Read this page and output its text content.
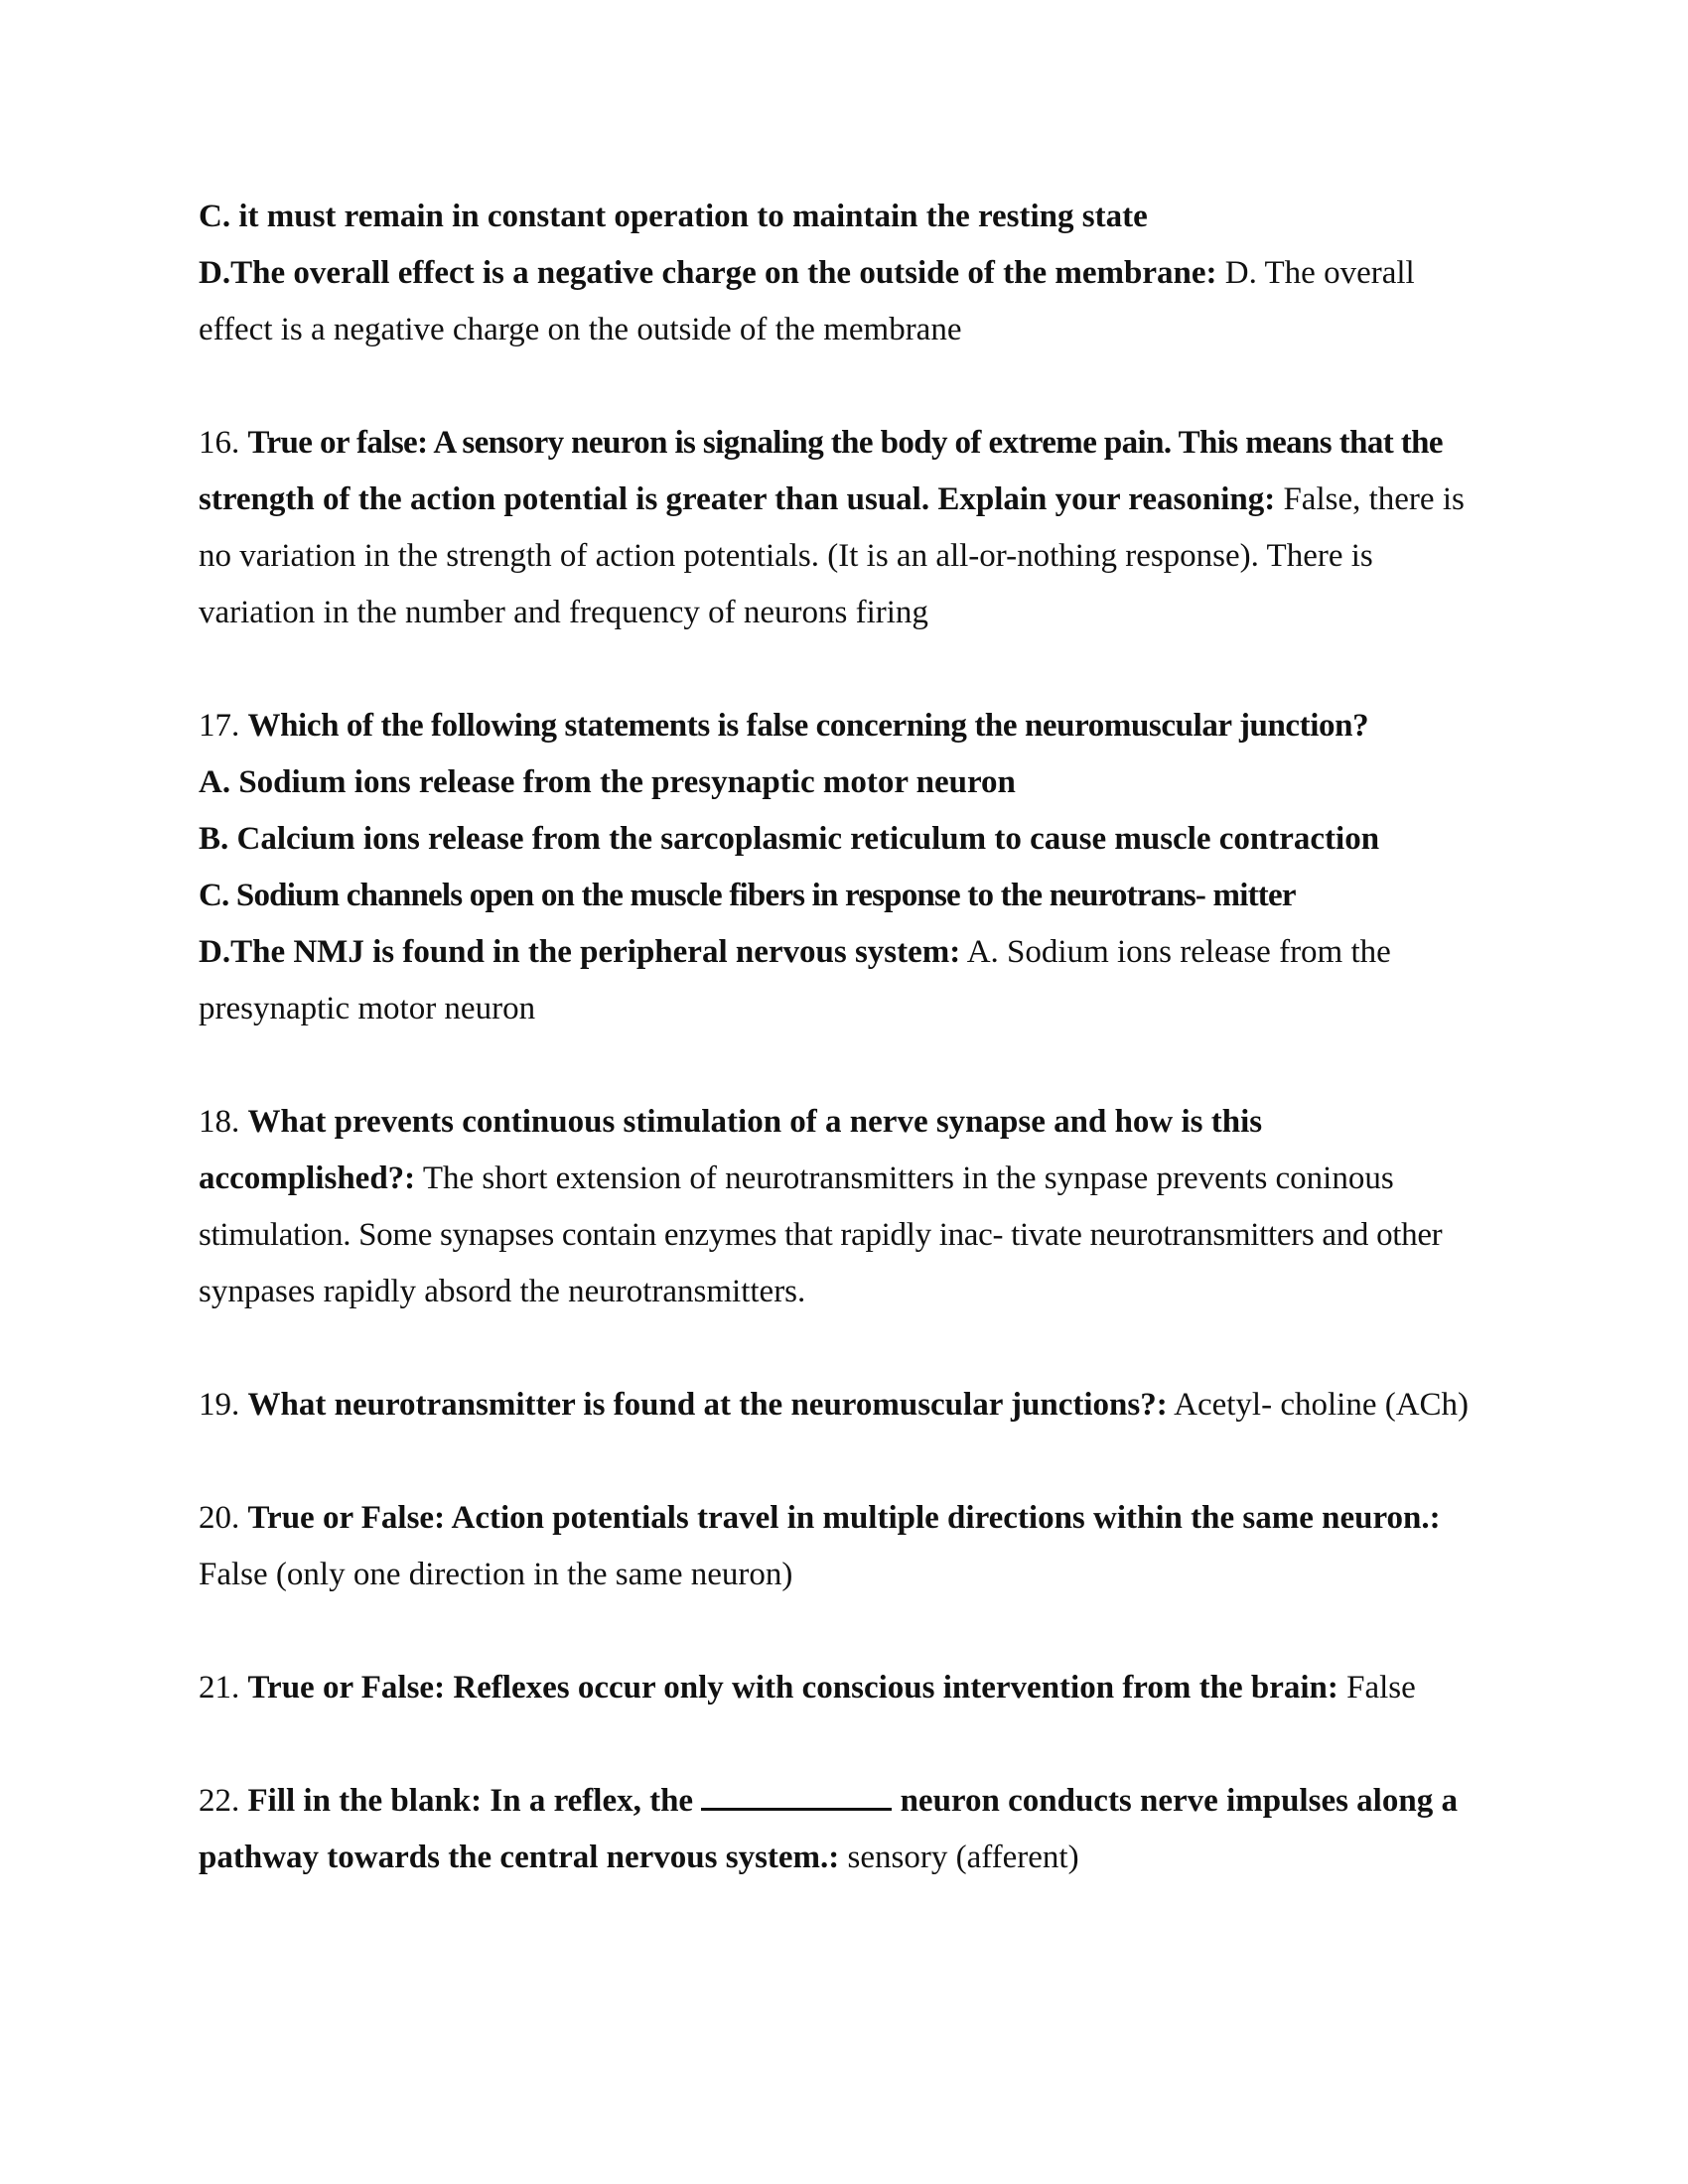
C. it must remain in constant operation to maintain the resting state
D.The overall effect is a negative charge on the outside of the membrane: D. The overall
effect is a negative charge on the outside of the membrane
16. True or false: A sensory neuron is signaling the body of extreme pain. This means that the
strength of the action potential is greater than usual. Explain your reasoning: False, there is
no variation in the strength of action potentials. (It is an all-or-nothing response). There is
variation in the number and frequency of neurons firing
17. Which of the following statements is false concerning the neuromuscular junction?
A. Sodium ions release from the presynaptic motor neuron
B. Calcium ions release from the sarcoplasmic reticulum to cause muscle contraction
C. Sodium channels open on the muscle fibers in response to the neurotrans- mitter
D.The NMJ is found in the peripheral nervous system: A. Sodium ions release from the
presynaptic motor neuron
18. What prevents continuous stimulation of a nerve synapse and how is this
accomplished?: The short extension of neurotransmitters in the synpase prevents coninous
stimulation. Some synapses contain enzymes that rapidly inac- tivate neurotransmitters and other
synpases rapidly absord the neurotransmitters.
19. What neurotransmitter is found at the neuromuscular junctions?: Acetyl- choline (ACh)
20. True or False: Action potentials travel in multiple directions within the same neuron.:
False (only one direction in the same neuron)
21. True or False: Reflexes occur only with conscious intervention from the brain: False
22. Fill in the blank: In a reflex, the	neuron conducts nerve impulses along a
pathway towards the central nervous system.: sensory (afferent)
